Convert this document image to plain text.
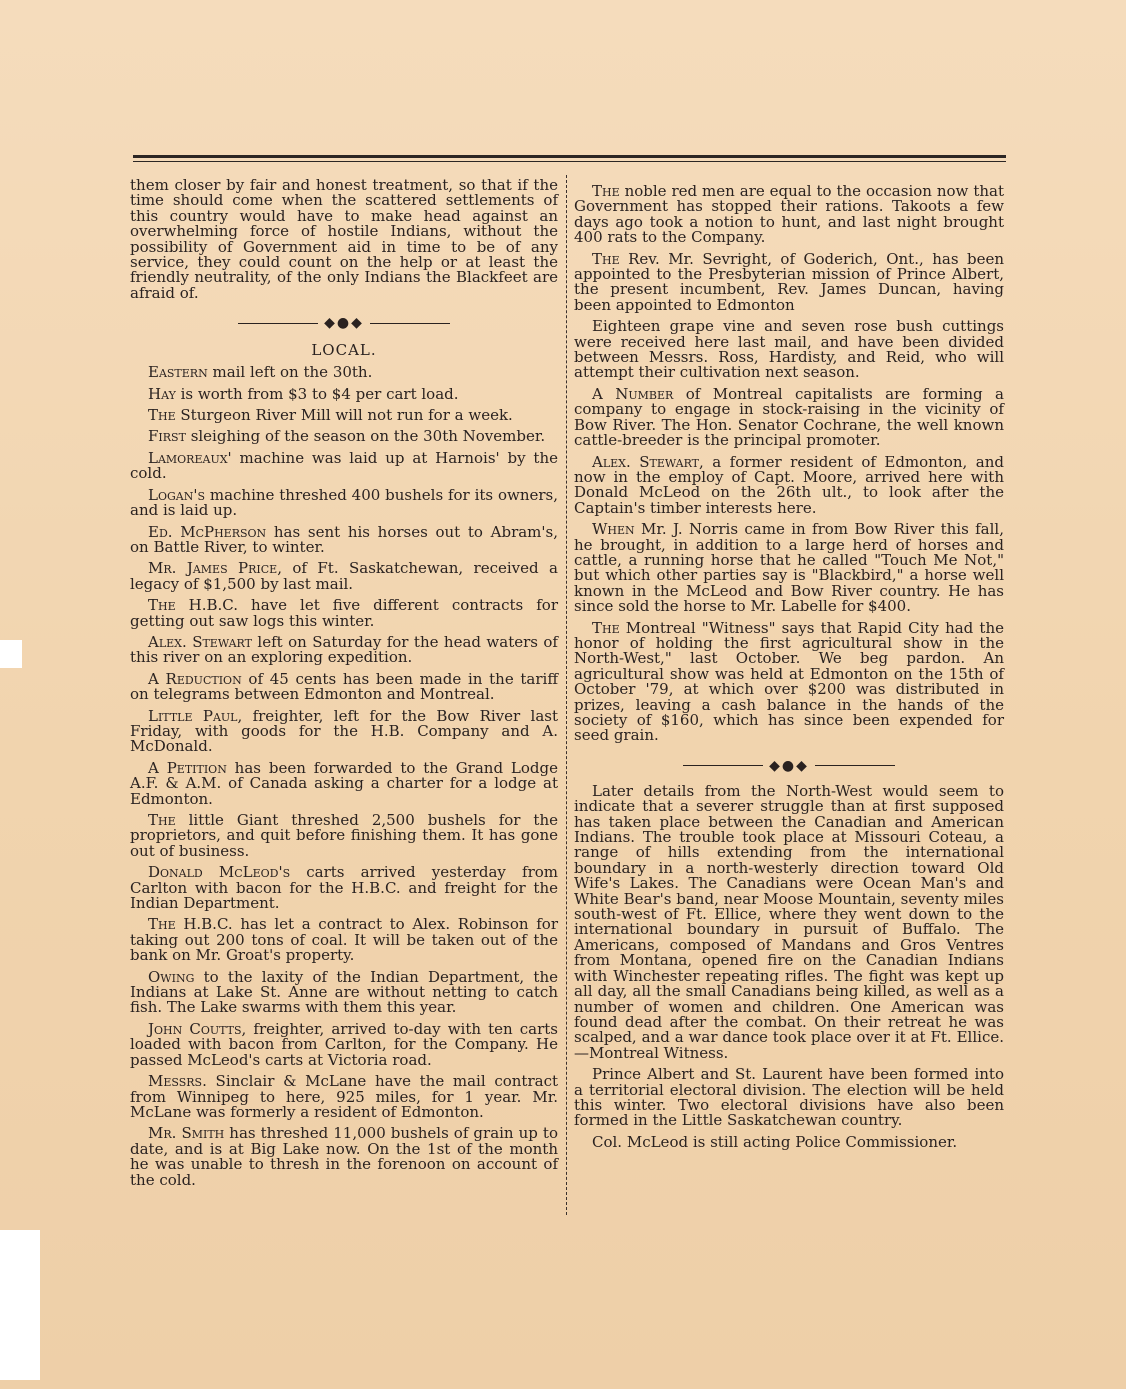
them closer by fair and honest treatment, so that if the time should come when the scattered settlements of this country would have to make head against an overwhelming force of hostile Indians, without the possibility of Government aid in time to be of any service, they could count on the help or at least the friendly neutrality, of the only Indians the Blackfeet are afraid of.

◆●◆
LOCAL.

Eastern mail left on the 30th.

Hay is worth from $3 to $4 per cart load.

The Sturgeon River Mill will not run for a week.

First sleighing of the season on the 30th November.

Lamoreaux' machine was laid up at Harnois' by the cold.

Logan's machine threshed 400 bushels for its owners, and is laid up.

Ed. McPherson has sent his horses out to Abram's, on Battle River, to winter.

Mr. James Price, of Ft. Saskatchewan, received a legacy of $1,500 by last mail.

The H.B.C. have let five different contracts for getting out saw logs this winter.

Alex. Stewart left on Saturday for the head waters of this river on an exploring expedition.

A Reduction of 45 cents has been made in the tariff on telegrams between Edmonton and Montreal.

Little Paul, freighter, left for the Bow River last Friday, with goods for the H.B. Company and A. McDonald.

A Petition has been forwarded to the Grand Lodge A.F. & A.M. of Canada asking a charter for a lodge at Edmonton.

The little Giant threshed 2,500 bushels for the proprietors, and quit before finishing them. It has gone out of business.

Donald McLeod's carts arrived yesterday from Carlton with bacon for the H.B.C. and freight for the Indian Department.

The H.B.C. has let a contract to Alex. Robinson for taking out 200 tons of coal. It will be taken out of the bank on Mr. Groat's property.

Owing to the laxity of the Indian Department, the Indians at Lake St. Anne are without netting to catch fish. The Lake swarms with them this year.

John Coutts, freighter, arrived to-day with ten carts loaded with bacon from Carlton, for the Company. He passed McLeod's carts at Victoria road.

Messrs. Sinclair & McLane have the mail contract from Winnipeg to here, 925 miles, for 1 year. Mr. McLane was formerly a resident of Edmonton.

Mr. Smith has threshed 11,000 bushels of grain up to date, and is at Big Lake now. On the 1st of the month he was unable to thresh in the forenoon on account of the cold.

The noble red men are equal to the occasion now that Government has stopped their rations. Takoots a few days ago took a notion to hunt, and last night brought 400 rats to the Company.

The Rev. Mr. Sevright, of Goderich, Ont., has been appointed to the Presbyterian mission of Prince Albert, the present incumbent, Rev. James Duncan, having been appointed to Edmonton

Eighteen grape vine and seven rose bush cuttings were received here last mail, and have been divided between Messrs. Ross, Hardisty, and Reid, who will attempt their cultivation next season.

A Number of Montreal capitalists are forming a company to engage in stock-raising in the vicinity of Bow River. The Hon. Senator Cochrane, the well known cattle-breeder is the principal promoter.

Alex. Stewart, a former resident of Edmonton, and now in the employ of Capt. Moore, arrived here with Donald McLeod on the 26th ult., to look after the Captain's timber interests here.

When Mr. J. Norris came in from Bow River this fall, he brought, in addition to a large herd of horses and cattle, a running horse that he called "Touch Me Not," but which other parties say is "Blackbird," a horse well known in the McLeod and Bow River country. He has since sold the horse to Mr. Labelle for $400.

The Montreal "Witness" says that Rapid City had the honor of holding the first agricultural show in the North-West," last October. We beg pardon. An agricultural show was held at Edmonton on the 15th of October '79, at which over $200 was distributed in prizes, leaving a cash balance in the hands of the society of $160, which has since been expended for seed grain.

◆●◆

Later details from the North-West would seem to indicate that a severer struggle than at first supposed has taken place between the Canadian and American Indians. The trouble took place at Missouri Coteau, a range of hills extending from the international boundary in a north-westerly direction toward Old Wife's Lakes. The Canadians were Ocean Man's and White Bear's band, near Moose Mountain, seventy miles south-west of Ft. Ellice, where they went down to the international boundary in pursuit of Buffalo. The Americans, composed of Mandans and Gros Ventres from Montana, opened fire on the Canadian Indians with Winchester repeating rifles. The fight was kept up all day, all the small Canadians being killed, as well as a number of women and children. One American was found dead after the combat. On their retreat he was scalped, and a war dance took place over it at Ft. Ellice.—Montreal Witness.

Prince Albert and St. Laurent have been formed into a territorial electoral division. The election will be held this winter. Two electoral divisions have also been formed in the Little Saskatchewan country.

Col. McLeod is still acting Police Commissioner.
